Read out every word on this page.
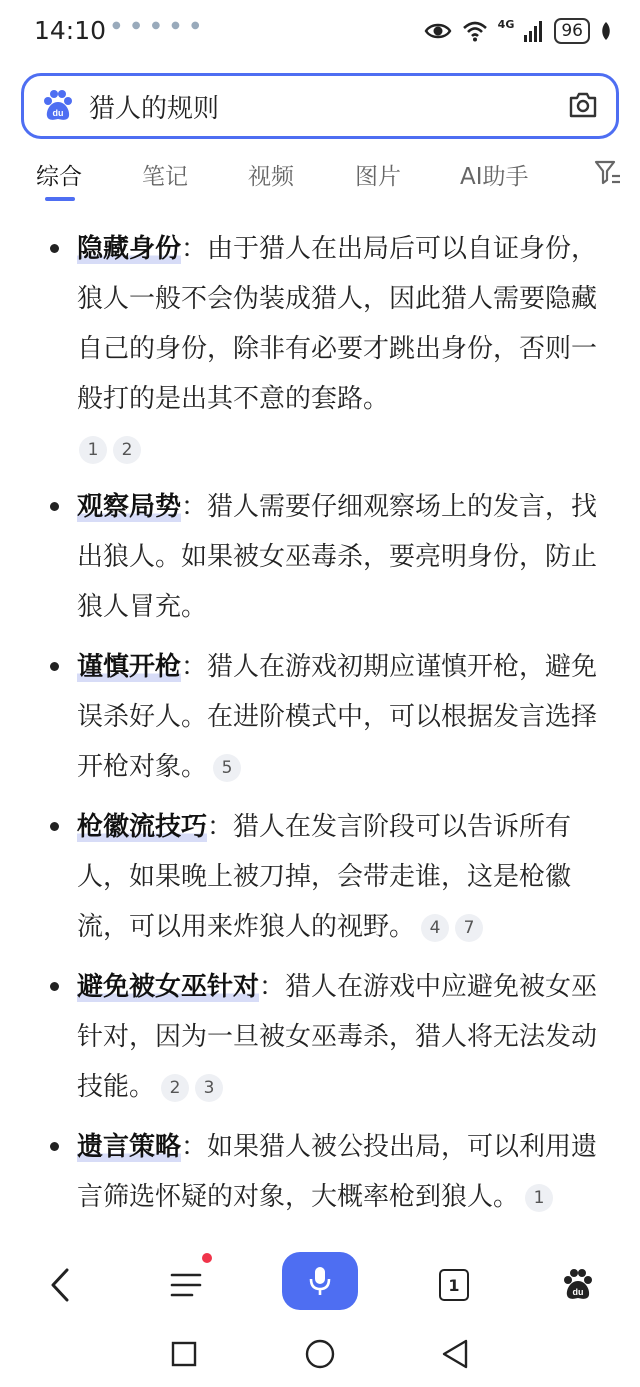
14:10 ●●●●●	4G	96
du 猎人的规则
综合	笔记	视频	图片	AI助手
隐藏身份：由于猎人在出局后可以自证身份，狼人一般不会伪装成猎人，因此猎人需要隐藏自己的身份，除非有必要才跳出身份，否则一般打的是出其不意的套路。
1 2
观察局势：猎人需要仔细观察场上的发言，找出狼人。如果被女巫毒杀，要亮明身份，防止狼人冒充。
谨慎开枪：猎人在游戏初期应谨慎开枪，避免误杀好人。在进阶模式中，可以根据发言选择开枪对象。 5
枪徽流技巧：猎人在发言阶段可以告诉所有人，如果晚上被刀掉，会带走谁，这是枪徽流，可以用来炸狼人的视野。 4 7
避免被女巫针对：猎人在游戏中应避免被女巫针对，因为一旦被女巫毒杀，猎人将无法发动技能。 2 3
遗言策略：如果猎人被公投出局，可以利用遗言筛选怀疑的对象，大概率枪到狼人。 1
1	du
